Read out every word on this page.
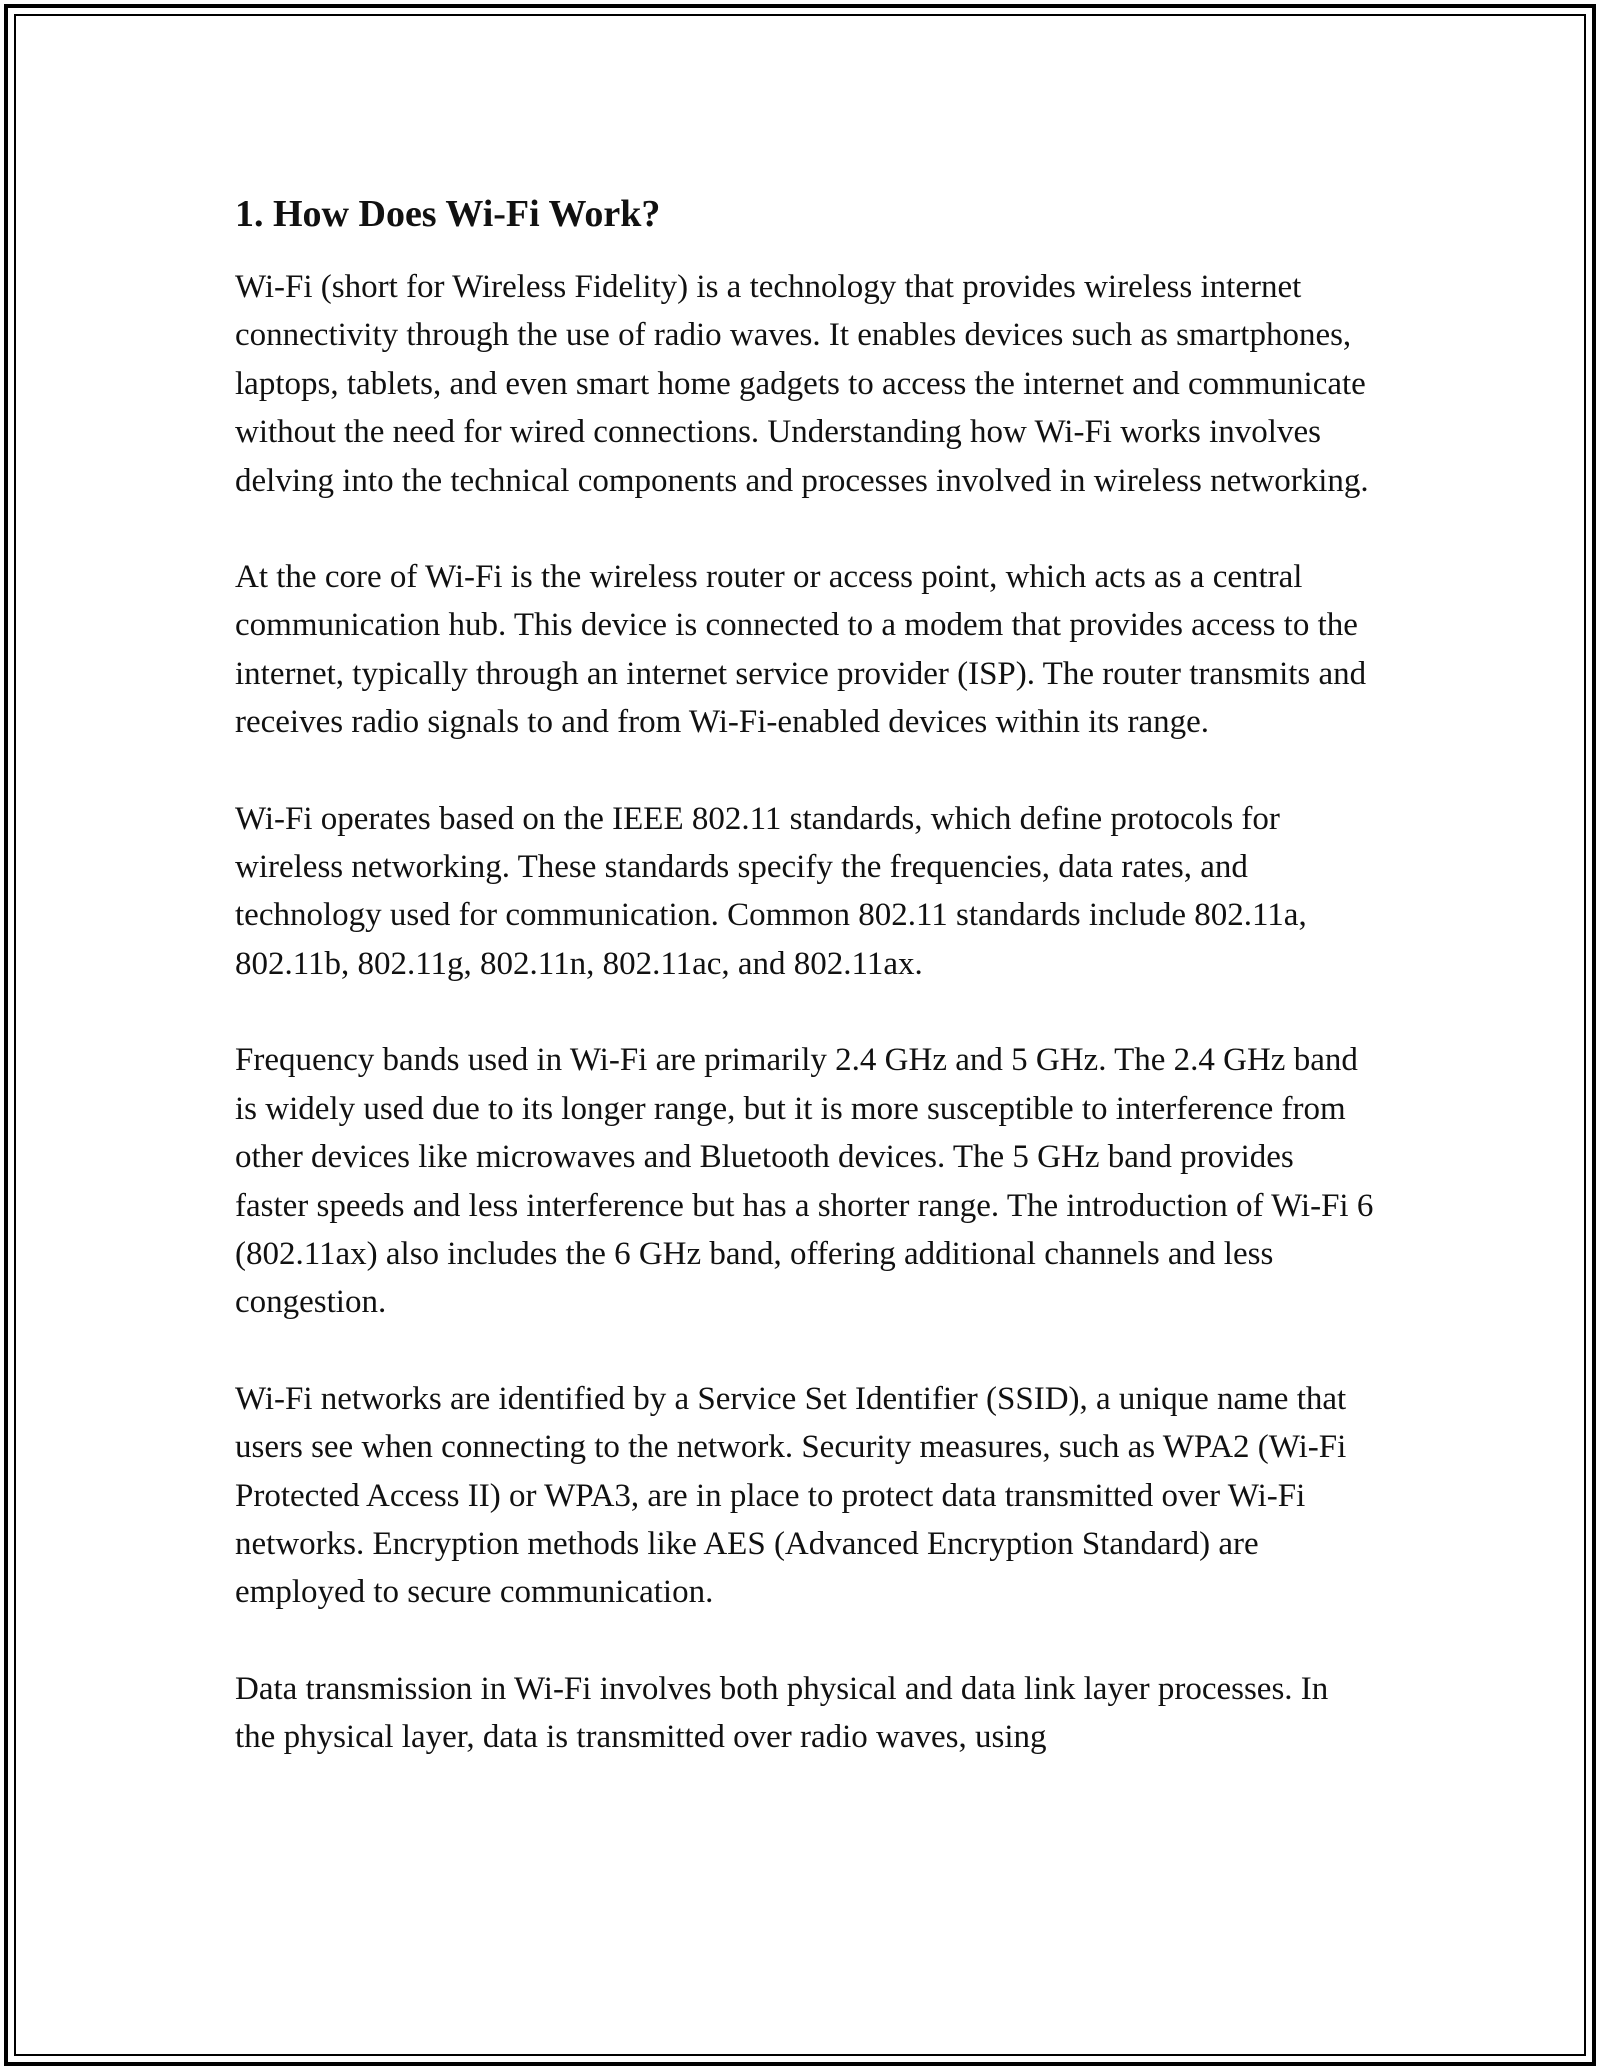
1. How Does Wi-Fi Work?

Wi-Fi (short for Wireless Fidelity) is a technology that provides wireless internet connectivity through the use of radio waves. It enables devices such as smartphones, laptops, tablets, and even smart home gadgets to access the internet and communicate without the need for wired connections. Understanding how Wi-Fi works involves delving into the technical components and processes involved in wireless networking.

At the core of Wi-Fi is the wireless router or access point, which acts as a central communication hub. This device is connected to a modem that provides access to the internet, typically through an internet service provider (ISP). The router transmits and receives radio signals to and from Wi-Fi-enabled devices within its range.

Wi-Fi operates based on the IEEE 802.11 standards, which define protocols for wireless networking. These standards specify the frequencies, data rates, and technology used for communication. Common 802.11 standards include 802.11a, 802.11b, 802.11g, 802.11n, 802.11ac, and 802.11ax.

Frequency bands used in Wi-Fi are primarily 2.4 GHz and 5 GHz. The 2.4 GHz band is widely used due to its longer range, but it is more susceptible to interference from other devices like microwaves and Bluetooth devices. The 5 GHz band provides faster speeds and less interference but has a shorter range. The introduction of Wi-Fi 6 (802.11ax) also includes the 6 GHz band, offering additional channels and less congestion.

Wi-Fi networks are identified by a Service Set Identifier (SSID), a unique name that users see when connecting to the network. Security measures, such as WPA2 (Wi-Fi Protected Access II) or WPA3, are in place to protect data transmitted over Wi-Fi networks. Encryption methods like AES (Advanced Encryption Standard) are employed to secure communication.

Data transmission in Wi-Fi involves both physical and data link layer processes. In the physical layer, data is transmitted over radio waves, using
